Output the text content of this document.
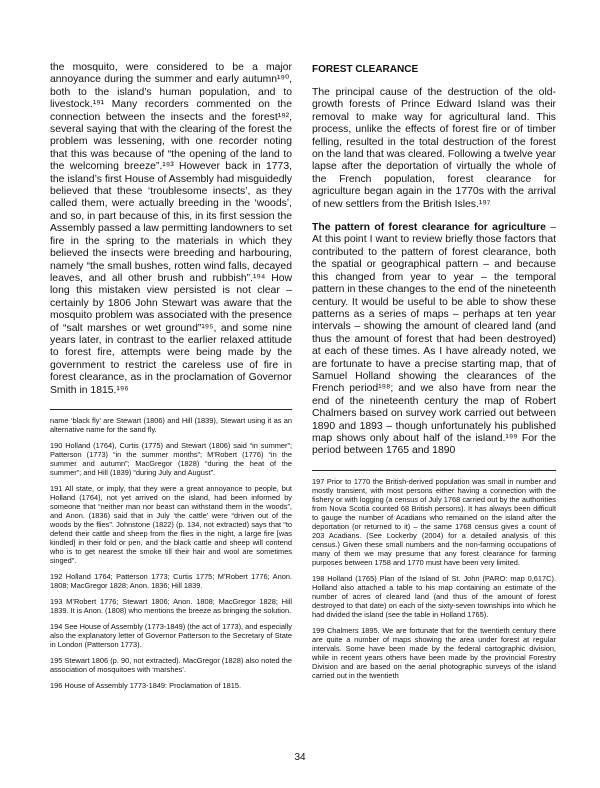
the mosquito, were considered to be a major annoyance during the summer and early autumn¹⁹⁰, both to the island’s human population, and to livestock.¹⁹¹ Many recorders commented on the connection between the insects and the forest¹⁹², several saying that with the clearing of the forest the problem was lessening, with one recorder noting that this was because of “the opening of the land to the welcoming breeze”.¹⁹³ However back in 1773, the island’s first House of Assembly had misguidedly believed that these ‘troublesome insects’, as they called them, were actually breeding in the ‘woods’, and so, in part because of this, in its first session the Assembly passed a law permitting landowners to set fire in the spring to the materials in which they believed the insects were breeding and harbouring, namely “the small bushes, rotten wind falls, decayed leaves, and all other brush and rubbish”.¹⁹⁴ How long this mistaken view persisted is not clear – certainly by 1806 John Stewart was aware that the mosquito problem was associated with the presence of “salt marshes or wet ground”¹⁹⁵, and some nine years later, in contrast to the earlier relaxed attitude to forest fire, attempts were being made by the government to restrict the careless use of fire in forest clearance, as in the proclamation of Governor Smith in 1815.¹⁹⁶

name ‘black fly’ are Stewart (1806) and Hill (1839), Stewart using it as an alternative name for the sand fly.

190 Holland (1764), Curtis (1775) and Stewart (1806) said “in summer”; Patterson (1773) “in the summer months”; M’Robert (1776) “in the summer and autumn”; MacGregor (1828) “during the heat of the summer”; and Hill (1839) “during July and August”.

191 All state, or imply, that they were a great annoyance to people, but Holland (1764), not yet arrived on the island, had been informed by someone that “neither man nor beast can withstand them in the woods”, and Anon. (1836) said that in July ‘the cattle’ were “driven out of the woods by the flies”. Johnstone (1822) (p. 134, not extracted) says that “to defend their cattle and sheep from the flies in the night, a large fire [was kindled] in their fold or pen, and the black cattle and sheep will contend who is to get nearest the smoke till their hair and wool are sometimes singed”.

192 Holland 1764; Patterson 1773; Curtis 1775; M’Robert 1776; Anon. 1808; MacGregor 1828; Anon. 1836; Hill 1839.

193 M’Robert 1776; Stewart 1806; Anon. 1808; MacGregor 1828; Hill 1839. It is Anon. (1808) who mentions the breeze as bringing the solution.

194 See House of Assembly (1773-1849) (the act of 1773), and especially also the explanatory letter of Governor Patterson to the Secretary of State in London (Patterson 1773).

195 Stewart 1806 (p. 90, not extracted). MacGregor (1828) also noted the association of mosquitoes with ‘marshes’.

196 House of Assembly 1773-1849: Proclamation of 1815.

FOREST CLEARANCE

The principal cause of the destruction of the old-growth forests of Prince Edward Island was their removal to make way for agricultural land. This process, unlike the effects of forest fire or of timber felling, resulted in the total destruction of the forest on the land that was cleared. Following a twelve year lapse after the deportation of virtually the whole of the French population, forest clearance for agriculture began again in the 1770s with the arrival of new settlers from the British Isles.¹⁹⁷

The pattern of forest clearance for agriculture – At this point I want to review briefly those factors that contributed to the pattern of forest clearance, both the spatial or geographical pattern – and because this changed from year to year – the temporal pattern in these changes to the end of the nineteenth century. It would be useful to be able to show these patterns as a series of maps – perhaps at ten year intervals – showing the amount of cleared land (and thus the amount of forest that had been destroyed) at each of these times. As I have already noted, we are fortunate to have a precise starting map, that of Samuel Holland showing the clearances of the French period¹⁹⁸; and we also have from near the end of the nineteenth century the map of Robert Chalmers based on survey work carried out between 1890 and 1893 – though unfortunately his published map shows only about half of the island.¹⁹⁹ For the period between 1765 and 1890

197 Prior to 1770 the British-derived population was small in number and mostly transient, with most persons either having a connection with the fishery or with logging (a census of July 1768 carried out by the authorities from Nova Scotia counted 68 British persons). It has always been difficult to gauge the number of Acadians who remained on the island after the deportation (or returned to it) – the same 1768 census gives a count of 203 Acadians. (See Lockerby (2004) for a detailed analysis of this census.) Given these small numbers and the non-farming occupations of many of them we may presume that any forest clearance for farming purposes between 1758 and 1770 must have been very limited.

198 Holland (1765) Plan of the Island of St. John (PARO: map 0,617C). Holland also attached a table to his map containing an estimate of the number of acres of cleared land (and thus of the amount of forest destroyed to that date) on each of the sixty-seven townships into which he had divided the island (see the table in Holland 1765).

199 Chalmers 1895. We are fortunate that for the twentieth century there are quite a number of maps showing the area under forest at regular intervals. Some have been made by the federal cartographic division, while in recent years others have been made by the provincial Forestry Division and are based on the aerial photographic surveys of the island carried out in the twentieth

34
